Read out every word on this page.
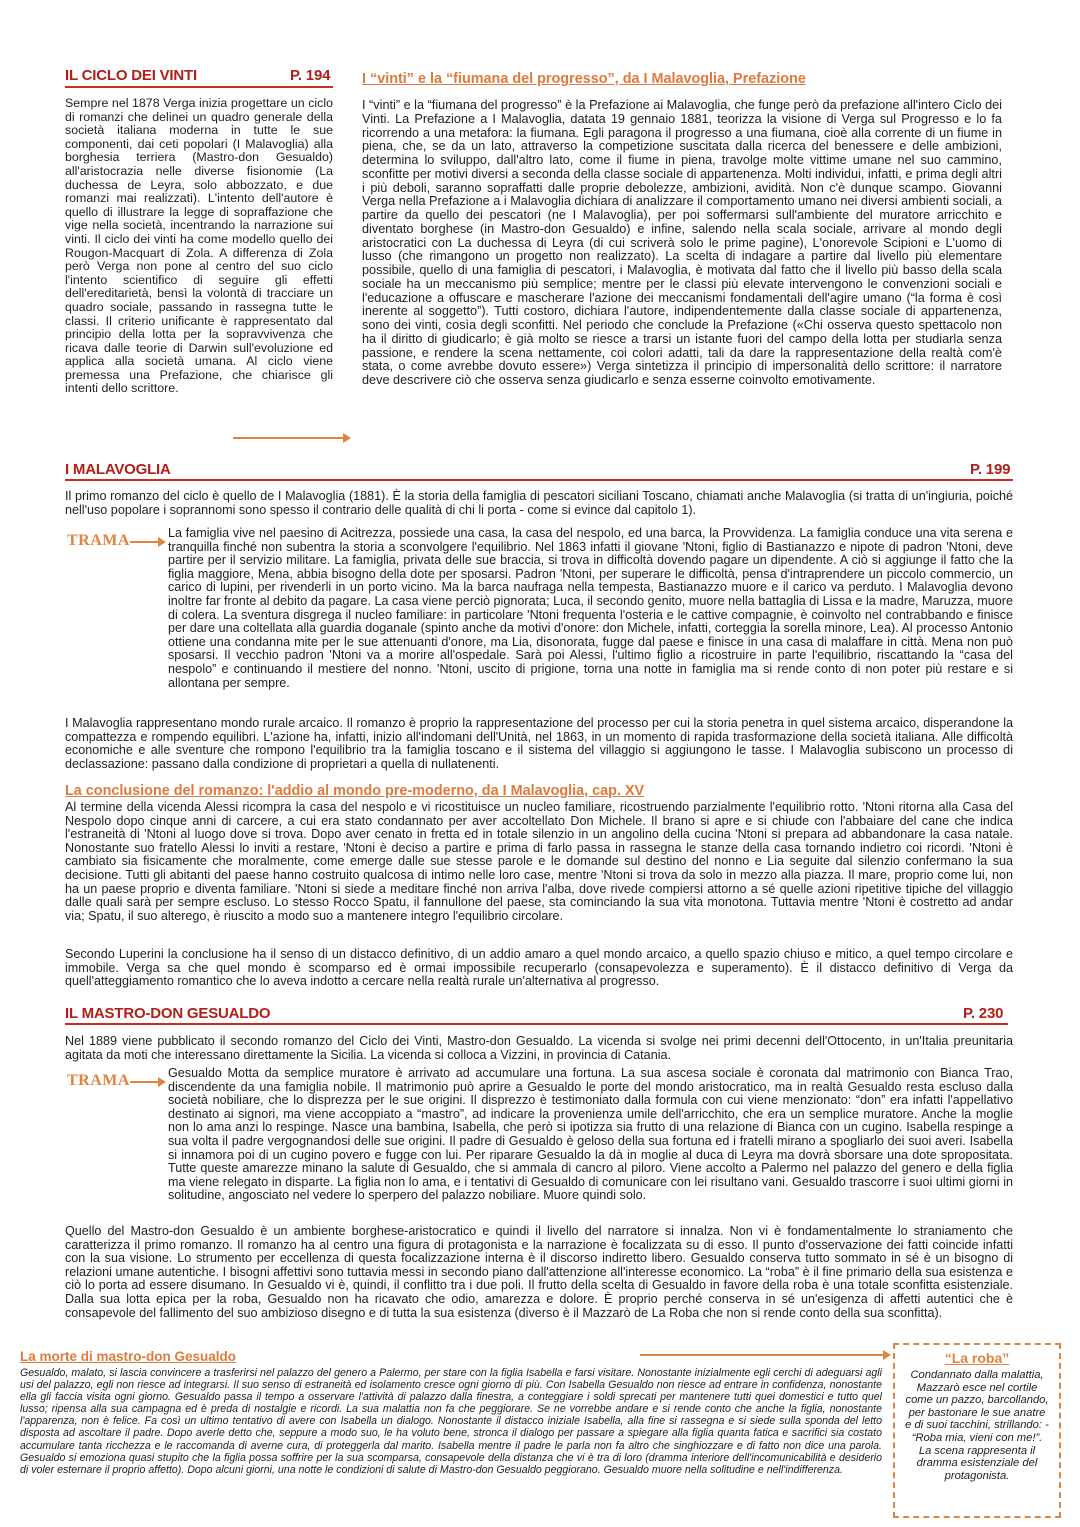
IL CICLO DEI VINTI	P. 194

Sempre nel 1878 Verga inizia progettare un ciclo di romanzi che delinei un quadro generale della società italiana moderna in tutte le sue componenti, dai ceti popolari (I Malavoglia) alla borghesia terriera (Mastro-don Gesualdo) all'aristocrazia nelle diverse fisionomie (La duchessa de Leyra, solo abbozzato, e due romanzi mai realizzati). L'intento dell'autore è quello di illustrare la legge di sopraffazione che vige nella società, incentrando la narrazione sui vinti. Il ciclo dei vinti ha come modello quello dei Rougon-Macquart di Zola. A differenza di Zola però Verga non pone al centro del suo ciclo l'intento scientifico di seguire gli effetti dell'ereditarietà, bensì la volontà di tracciare un quadro sociale, passando in rassegna tutte le classi. Il criterio unificante è rappresentato dal principio della lotta per la sopravvivenza che ricava dalle teorie di Darwin sull'evoluzione ed applica alla società umana. Al ciclo viene premessa una Prefazione, che chiarisce gli intenti dello scrittore.

I “vinti” e la “fiumana del progresso”, da I Malavoglia, Prefazione

I “vinti” e la “fiumana del progresso” è la Prefazione ai Malavoglia, che funge però da prefazione all'intero Ciclo dei Vinti. La Prefazione a I Malavoglia, datata 19 gennaio 1881, teorizza la visione di Verga sul Progresso e lo fa ricorrendo a una metafora: la fiumana. Egli paragona il progresso a una fiumana, cioè alla corrente di un fiume in piena, che, se da un lato, attraverso la competizione suscitata dalla ricerca del benessere e delle ambizioni, determina lo sviluppo, dall'altro lato, come il fiume in piena, travolge molte vittime umane nel suo cammino, sconfitte per motivi diversi a seconda della classe sociale di appartenenza. Molti individui, infatti, e prima degli altri i più deboli, saranno sopraffatti dalle proprie debolezze, ambizioni, avidità. Non c'è dunque scampo. Giovanni Verga nella Prefazione a i Malavoglia dichiara di analizzare il comportamento umano nei diversi ambienti sociali, a partire da quello dei pescatori (ne I Malavoglia), per poi soffermarsi sull'ambiente del muratore arricchito e diventato borghese (in Mastro-don Gesualdo) e infine, salendo nella scala sociale, arrivare al mondo degli aristocratici con La duchessa di Leyra (di cui scriverà solo le prime pagine), L'onorevole Scipioni e L'uomo di lusso (che rimangono un progetto non realizzato). La scelta di indagare a partire dal livello più elementare possibile, quello di una famiglia di pescatori, i Malavoglia, è motivata dal fatto che il livello più basso della scala sociale ha un meccanismo più semplice; mentre per le classi più elevate intervengono le convenzioni sociali e l'educazione a offuscare e mascherare l'azione dei meccanismi fondamentali dell'agire umano (“la forma è così inerente al soggetto”). Tutti costoro, dichiara l'autore, indipendentemente dalla classe sociale di appartenenza, sono dei vinti, cosìa degli sconfitti. Nel periodo che conclude la Prefazione («Chi osserva questo spettacolo non ha il diritto di giudicarlo; è già molto se riesce a trarsi un istante fuori del campo della lotta per studiarla senza passione, e rendere la scena nettamente, coi colori adatti, tali da dare la rappresentazione della realtà com'è stata, o come avrebbe dovuto essere») Verga sintetizza il principio di impersonalità dello scrittore: il narratore deve descrivere ciò che osserva senza giudicarlo e senza esserne coinvolto emotivamente.

I MALAVOGLIA	P. 199

Il primo romanzo del ciclo è quello de I Malavoglia (1881). È la storia della famiglia di pescatori siciliani Toscano, chiamati anche Malavoglia (si tratta di un'ingiuria, poiché nell'uso popolare i soprannomi sono spesso il contrario delle qualità di chi li porta - come si evince dal capitolo 1).

TRAMA	La famiglia vive nel paesino di Acitrezza, possiede una casa, la casa del nespolo, ed una barca, la Provvidenza. La famiglia conduce una vita serena e tranquilla finché non subentra la storia a sconvolgere l'equilibrio. Nel 1863 infatti il giovane 'Ntoni, figlio di Bastianazzo e nipote di padron 'Ntoni, deve partire per il servizio militare. La famiglia, privata delle sue braccia, si trova in difficoltà dovendo pagare un dipendente. A ciò si aggiunge il fatto che la figlia maggiore, Mena, abbia bisogno della dote per sposarsi. Padron 'Ntoni, per superare le difficoltà, pensa d'intraprendere un piccolo commercio, un carico di lupini, per rivenderli in un porto vicino. Ma la barca naufraga nella tempesta, Bastianazzo muore e il carico va perduto. I Malavoglia devono inoltre far fronte al debito da pagare. La casa viene perciò pignorata; Luca, il secondo genito, muore nella battaglia di Lissa e la madre, Maruzza, muore di colera. La sventura disgrega il nucleo familiare: in particolare 'Ntoni frequenta l'osteria e le cattive compagnie, è coinvolto nel contrabbando e finisce per dare una coltellata alla guardia doganale (spinto anche da motivi d'onore: don Michele, infatti, corteggia la sorella minore, Lea). Al processo Antonio ottiene una condanna mite per le sue attenuanti d'onore, ma Lia, disonorata, fugge dal paese e finisce in una casa di malaffare in città. Mena non può sposarsi. Il vecchio padron 'Ntoni va a morire all'ospedale. Sarà poi Alessi, l'ultimo figlio a ricostruire in parte l'equilibrio, riscattando la “casa del nespolo” e continuando il mestiere del nonno. 'Ntoni, uscito di prigione, torna una notte in famiglia ma si rende conto di non poter più restare e si allontana per sempre.

I Malavoglia rappresentano mondo rurale arcaico. Il romanzo è proprio la rappresentazione del processo per cui la storia penetra in quel sistema arcaico, disperandone la compattezza e rompendo equilibri. L'azione ha, infatti, inizio all'indomani dell'Unità, nel 1863, in un momento di rapida trasformazione della società italiana. Alle difficoltà economiche e alle sventure che rompono l'equilibrio tra la famiglia toscano e il sistema del villaggio si aggiungono le tasse. I Malavoglia subiscono un processo di declassazione: passano dalla condizione di proprietari a quella di nullatenenti.

La conclusione del romanzo: l'addio al mondo pre-moderno, da I Malavoglia, cap. XV

Al termine della vicenda Alessi ricompra la casa del nespolo e vi ricostituisce un nucleo familiare, ricostruendo parzialmente l'equilibrio rotto. 'Ntoni ritorna alla Casa del Nespolo dopo cinque anni di carcere, a cui era stato condannato per aver accoltellato Don Michele. Il brano si apre e si chiude con l'abbaiare del cane che indica l'estraneità di 'Ntoni al luogo dove si trova. Dopo aver cenato in fretta ed in totale silenzio in un angolino della cucina 'Ntoni si prepara ad abbandonare la casa natale. Nonostante suo fratello Alessi lo inviti a restare, 'Ntoni è deciso a partire e prima di farlo passa in rassegna le stanze della casa tornando indietro coi ricordi. 'Ntoni è cambiato sia fisicamente che moralmente, come emerge dalle sue stesse parole e le domande sul destino del nonno e Lia seguite dal silenzio confermano la sua decisione. Tutti gli abitanti del paese hanno costruito qualcosa di intimo nelle loro case, mentre 'Ntoni si trova da solo in mezzo alla piazza. Il mare, proprio come lui, non ha un paese proprio e diventa familiare. 'Ntoni si siede a meditare finché non arriva l'alba, dove rivede compiersi attorno a sé quelle azioni ripetitive tipiche del villaggio dalle quali sarà per sempre escluso. Lo stesso Rocco Spatu, il fannullone del paese, sta cominciando la sua vita monotona. Tuttavia mentre 'Ntoni è costretto ad andar via; Spatu, il suo alterego, è riuscito a modo suo a mantenere integro l'equilibrio circolare.

Secondo Luperini la conclusione ha il senso di un distacco definitivo, di un addio amaro a quel mondo arcaico, a quello spazio chiuso e mitico, a quel tempo circolare e immobile. Verga sa che quel mondo è scomparso ed è ormai impossibile recuperarlo (consapevolezza e superamento). È il distacco definitivo di Verga da quell'atteggiamento romantico che lo aveva indotto a cercare nella realtà rurale un'alternativa al progresso.

IL MASTRO-DON GESUALDO	P. 230

Nel 1889 viene pubblicato il secondo romanzo del Ciclo dei Vinti, Mastro-don Gesualdo. La vicenda si svolge nei primi decenni dell'Ottocento, in un'Italia preunitaria agitata da moti che interessano direttamente la Sicilia. La vicenda si colloca a Vizzini, in provincia di Catania.

TRAMA	Gesualdo Motta da semplice muratore è arrivato ad accumulare una fortuna. La sua ascesa sociale è coronata dal matrimonio con Bianca Trao, discendente da una famiglia nobile. Il matrimonio può aprire a Gesualdo le porte del mondo aristocratico, ma in realtà Gesualdo resta escluso dalla società nobiliare, che lo disprezza per le sue origini. Il disprezzo è testimoniato dalla formula con cui viene menzionato: “don” era infatti l'appellativo destinato ai signori, ma viene accoppiato a “mastro”, ad indicare la provenienza umile dell'arricchito, che era un semplice muratore. Anche la moglie non lo ama anzi lo respinge. Nasce una bambina, Isabella, che però si ipotizza sia frutto di una relazione di Bianca con un cugino. Isabella respinge a sua volta il padre vergognandosi delle sue origini. Il padre di Gesualdo è geloso della sua fortuna ed i fratelli mirano a spogliarlo dei suoi averi. Isabella si innamora poi di un cugino povero e fugge con lui. Per riparare Gesualdo la dà in moglie al duca di Leyra ma dovrà sborsare una dote spropositata. Tutte queste amarezze minano la salute di Gesualdo, che si ammala di cancro al piloro. Viene accolto a Palermo nel palazzo del genero e della figlia ma viene relegato in disparte. La figlia non lo ama, e i tentativi di Gesualdo di comunicare con lei risultano vani. Gesualdo trascorre i suoi ultimi giorni in solitudine, angosciato nel vedere lo sperpero del palazzo nobiliare. Muore quindi solo.

Quello del Mastro-don Gesualdo è un ambiente borghese-aristocratico e quindi il livello del narratore si innalza. Non vi è fondamentalmente lo straniamento che caratterizza il primo romanzo. Il romanzo ha al centro una figura di protagonista e la narrazione è focalizzata su di esso. Il punto d'osservazione dei fatti coincide infatti con la sua visione. Lo strumento per eccellenza di questa focalizzazione interna è il discorso indiretto libero. Gesualdo conserva tutto sommato in sé è un bisogno di relazioni umane autentiche. I bisogni affettivi sono tuttavia messi in secondo piano dall'attenzione all'interesse economico. La “roba” è il fine primario della sua esistenza e ciò lo porta ad essere disumano. In Gesualdo vi è, quindi, il conflitto tra i due poli. Il frutto della scelta di Gesualdo in favore della roba è una totale sconfitta esistenziale. Dalla sua lotta epica per la roba, Gesualdo non ha ricavato che odio, amarezza e dolore. È proprio perché conserva in sé un'esigenza di affetti autentici che è consapevole del fallimento del suo ambizioso disegno e di tutta la sua esistenza (diverso è il Mazzarò de La Roba che non si rende conto della sua sconfitta).

La morte di mastro-don Gesualdo

Gesualdo, malato, si lascia convincere a trasferirsi nel palazzo del genero a Palermo, per stare con la figlia Isabella e farsi visitare. Nonostante inizialmente egli cerchi di adeguarsi agli usi del palazzo, egli non riesce ad integrarsi. Il suo senso di estraneità ed isolamento cresce ogni giorno di più. Con Isabella Gesualdo non riesce ad entrare in confidenza, nonostante ella gli faccia visita ogni giorno. Gesualdo passa il tempo a osservare l'attività di palazzo dalla finestra, a conteggiare i soldi sprecati per mantenere tutti quei domestici e tutto quel lusso; ripensa alla sua campagna ed è preda di nostalgie e ricordi. La sua malattia non fa che peggiorare. Se ne vorrebbe andare e si rende conto che anche la figlia, nonostante l'apparenza, non è felice. Fa così un ultimo tentativo di avere con Isabella un dialogo. Nonostante il distacco iniziale Isabella, alla fine si rassegna e si siede sulla sponda del letto disposta ad ascoltare il padre. Dopo averle detto che, seppure a modo suo, le ha voluto bene, stronca il dialogo per passare a spiegare alla figlia quanta fatica e sacrifici sia costato accumulare tanta ricchezza e le raccomanda di averne cura, di proteggerla dal marito. Isabella mentre il padre le parla non fa altro che singhiozzare e di fatto non dice una parola. Gesualdo si emoziona quasi stupito che la figlia possa soffrire per la sua scomparsa, consapevole della distanza che vi è tra di loro (dramma interiore dell'incomunicabilità e desiderio di voler esternare il proprio affetto). Dopo alcuni giorni, una notte le condizioni di salute di Mastro-don Gesualdo peggiorano. Gesualdo muore nella solitudine e nell'indifferenza.

“La roba”

Condannato dalla malattia, Mazzarò esce nel cortile come un pazzo, barcollando, per bastonare le sue anatre e di suoi tacchini, strillando: - “Roba mia, vieni con me!”. La scena rappresenta il dramma esistenziale del protagonista.
